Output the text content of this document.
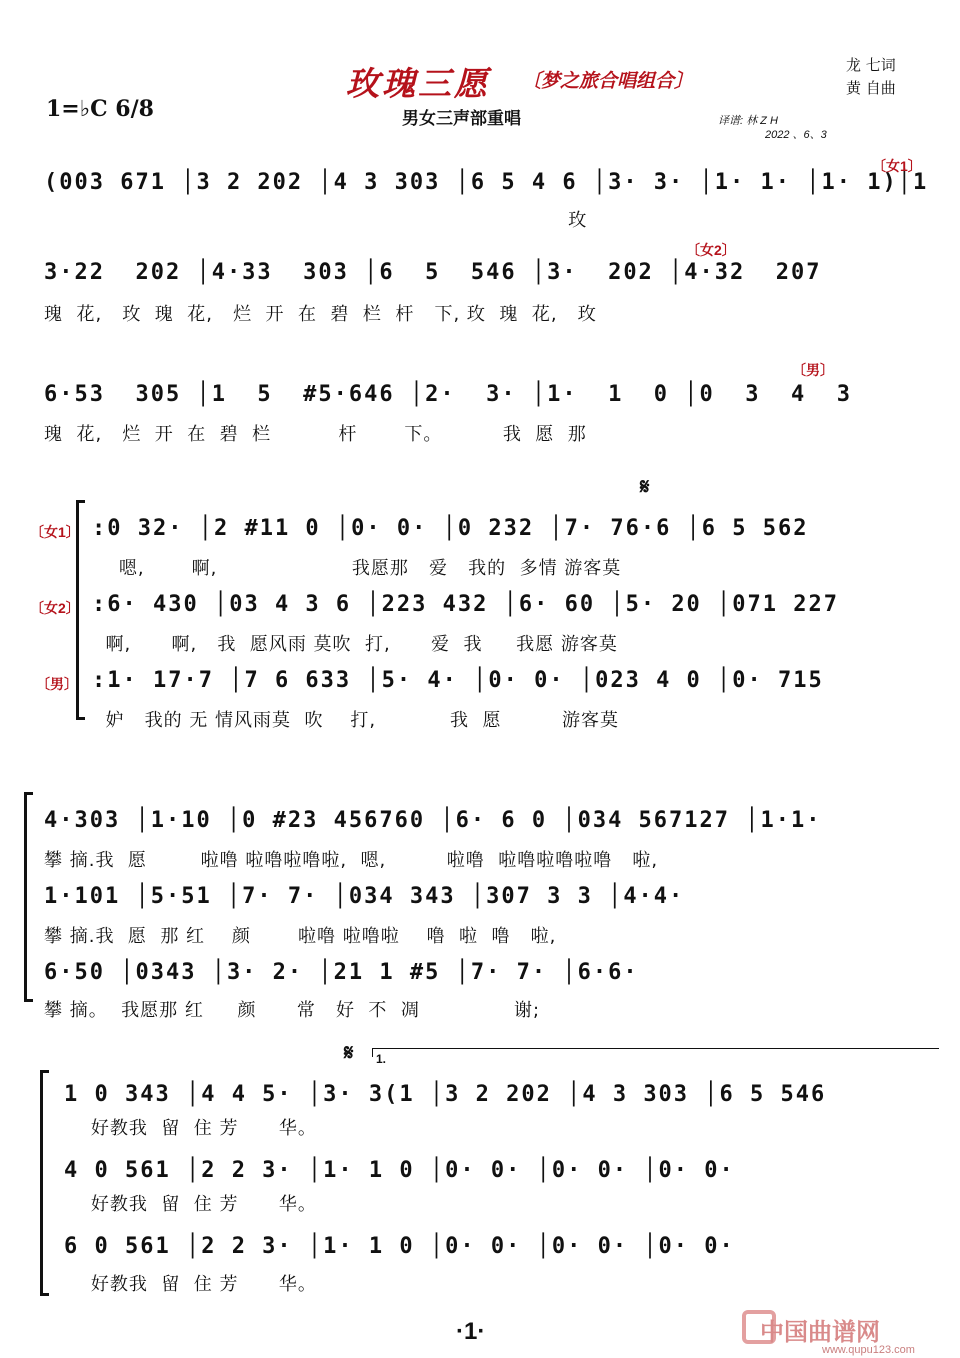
玫瑰三愿 〔梦之旅合唱组合〕
龙 七词
黄 自曲
1=♭C 6/8	男女三声部重唱	译谱: 林 Z H
2022 、6、3
(003 671 │3 2 202 │4 3 303 │6 5 4 6 │3· 3· │1· 1· │1· 1)│1
〔女1〕
玫
〔女2〕
3·22  202 │4·33  303 │6  5  546 │3·  202 │4·32  207
瑰  花,   玫  瑰  花,   烂  开  在  碧  栏  杆   下, 玫  瑰  花,   玫
〔男〕
6·53  305 │1  5  #5·646 │2·  3· │1·  1  0 │0  3  4  3
瑰  花,   烂  开  在  碧  栏          杆       下。         我  愿  那
𝄋
〔女1〕
〔女2〕
〔男〕
:0 32· │2 #11 0 │0· 0· │0 232 │7· 76·6 │6 5 562
嗯,       啊,                    我愿那   爱   我的  多情 游客莫
:6· 430 │03 4 3 6 │223 432 │6· 60 │5· 20 │071 227
啊,      啊,   我  愿风雨 莫吹  打,      爱  我     我愿 游客莫
:1· 17·7 │7 6 633 │5· 4· │0· 0· │023 4 0 │0· 715
妒   我的 无 情风雨莫  吹    打,           我  愿         游客莫
4·303 │1·10 │0 #23 456760 │6· 6 0 │034 567127 │1·1·
攀 摘.我  愿        啦噜 啦噜啦噜啦,  嗯,         啦噜  啦噜啦噜啦噜   啦,
1·101 │5·51 │7· 7· │034 343 │307 3 3 │4·4·
攀 摘.我  愿  那 红    颜       啦噜 啦噜啦    噜  啦  噜   啦,
6·50 │0343 │3· 2· │21 1 #5 │7· 7· │6·6·
攀 摘。  我愿那 红     颜      常   好  不  凋              谢;
𝄋 1.
1 0 343 │4 4 5· │3· 3(1 │3 2 202 │4 3 303 │6 5 546
好教我  留  住 芳      华。
4 0 561 │2 2 3· │1· 1 0 │0· 0· │0· 0· │0· 0·
好教我  留  住 芳      华。
6 0 561 │2 2 3· │1· 1 0 │0· 0· │0· 0· │0· 0·
好教我  留  住 芳      华。
·1·	中国曲谱网
www.qupu123.com
